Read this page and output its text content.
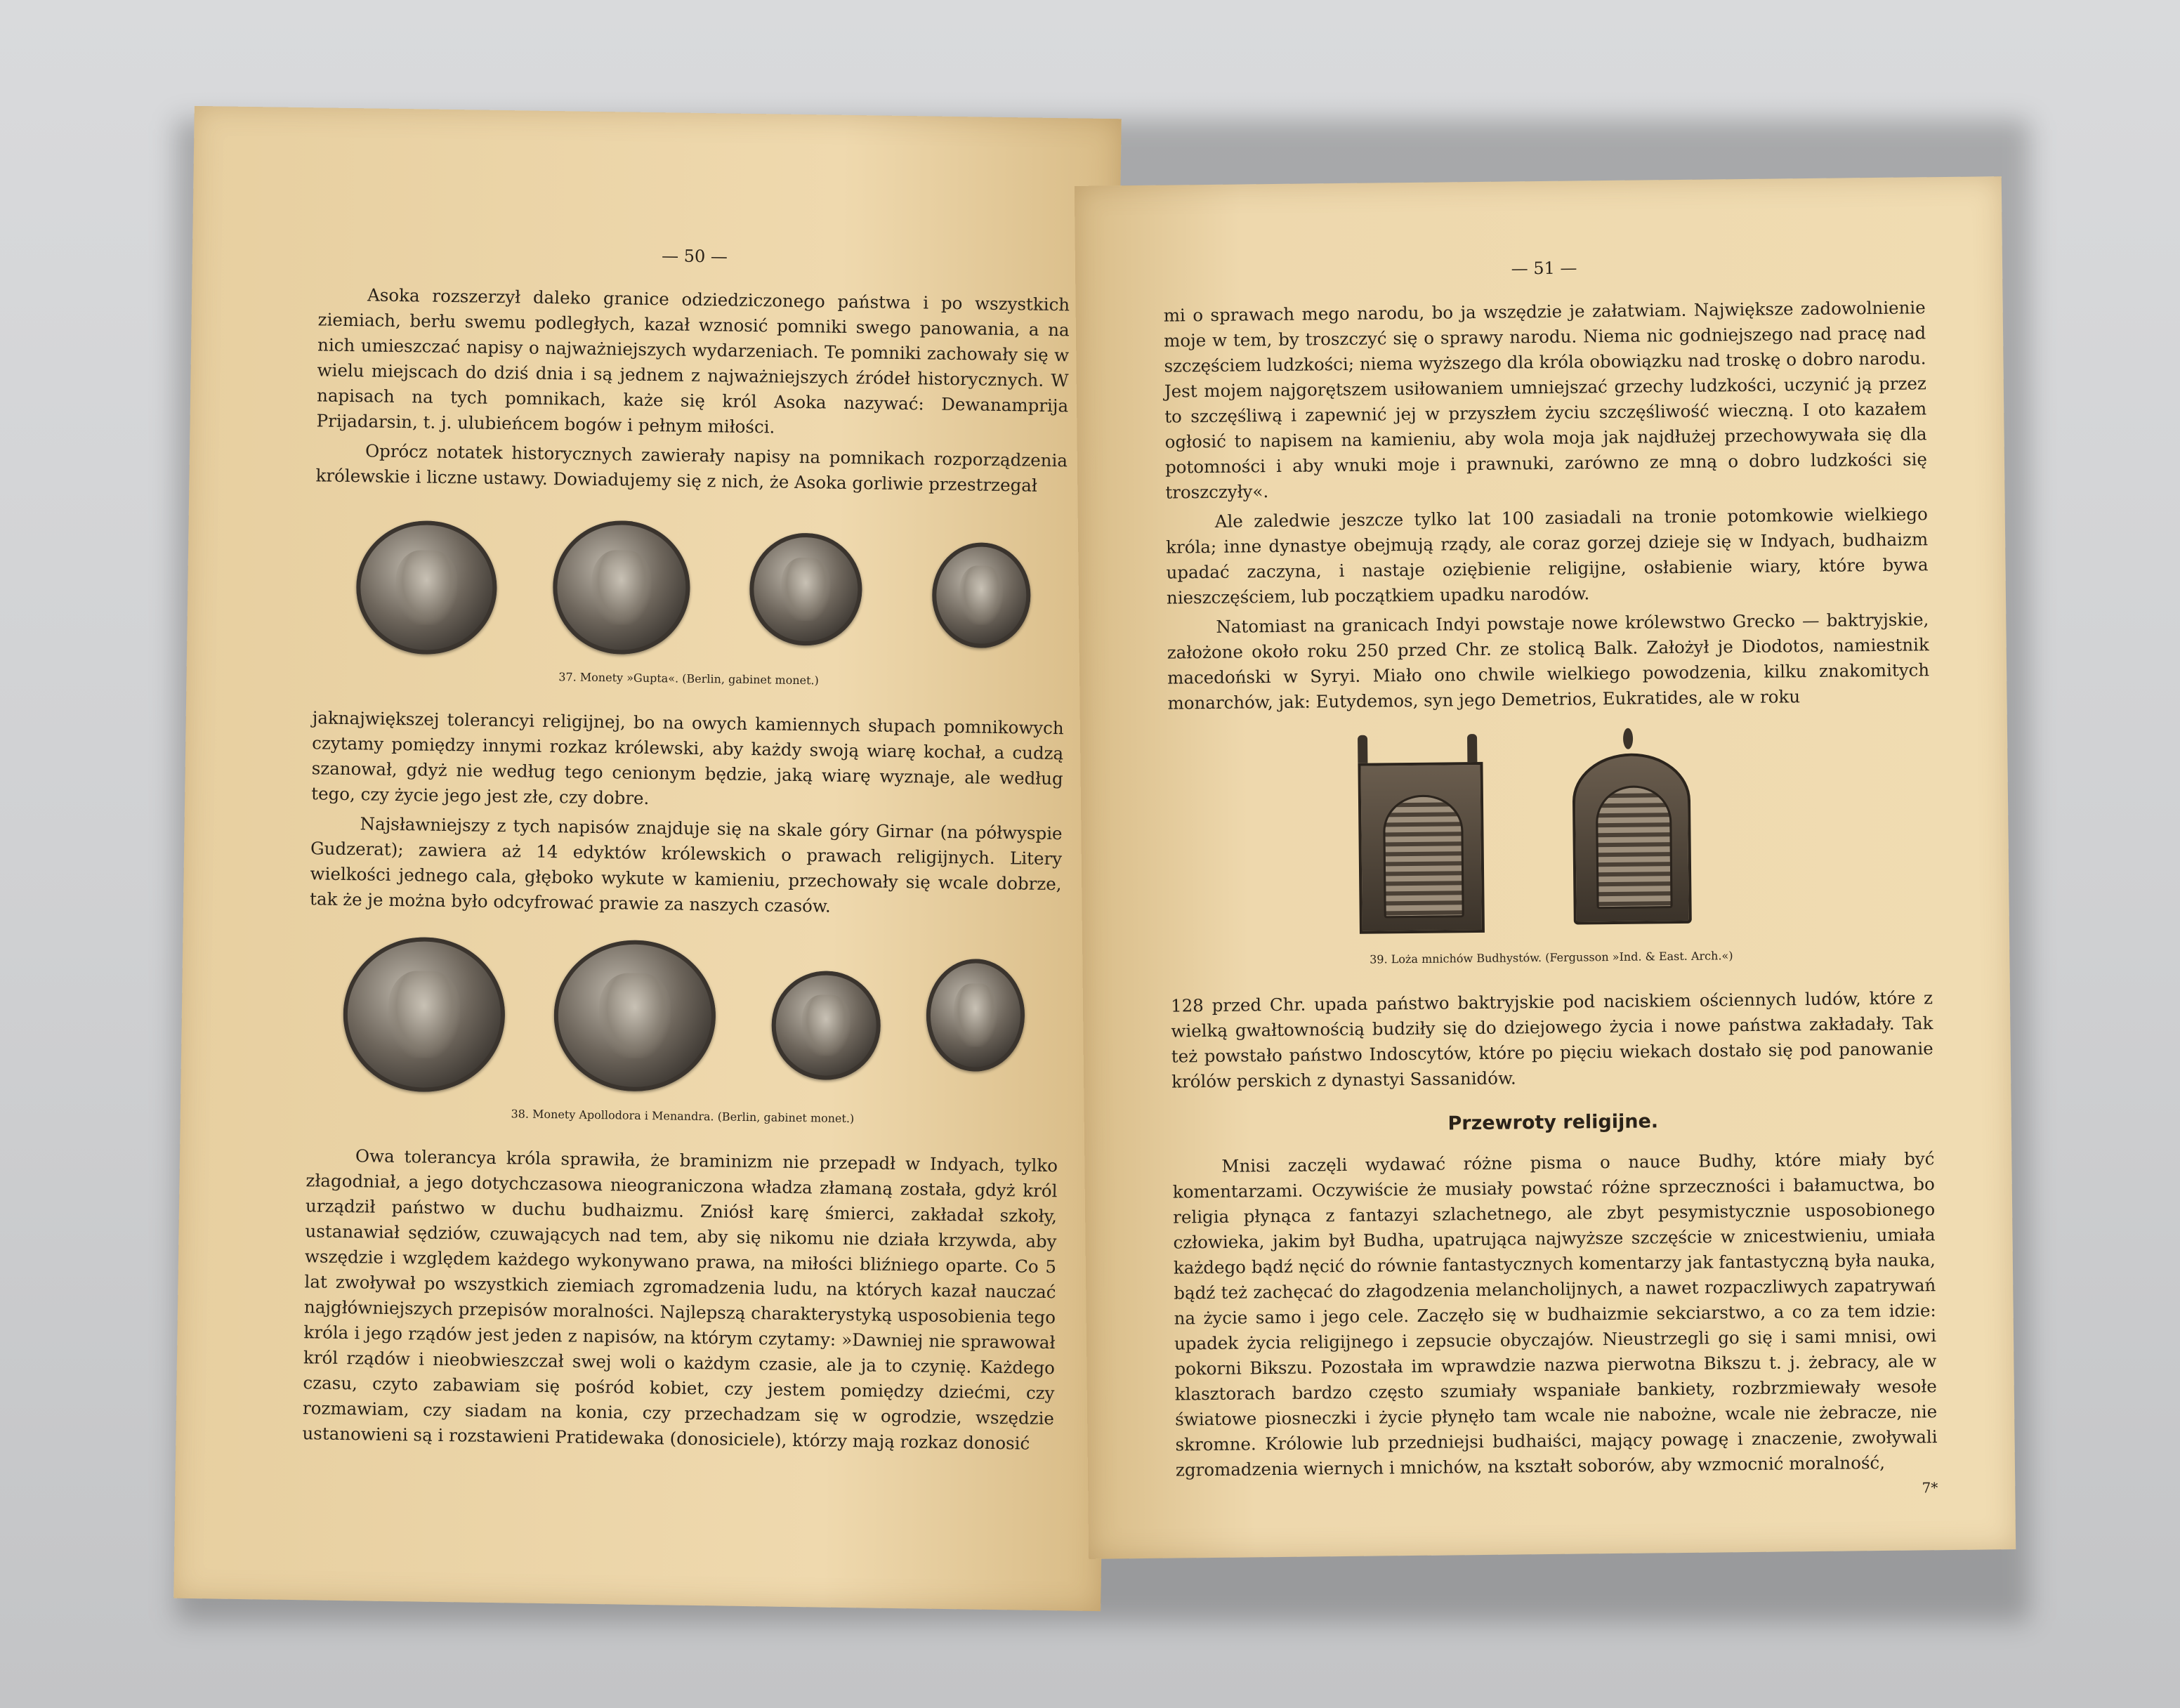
— 50 —

Asoka rozszerzył daleko granice odziedziczonego państwa i po wszystkich ziemiach, berłu swemu podległych, kazał wznosić pomniki swego panowania, a na nich umieszczać napisy o najważniejszych wydarzeniach. Te pomniki zachowały się w wielu miejscach do dziś dnia i są jednem z najważniejszych źródeł historycznych. W napisach na tych pomnikach, każe się król Asoka nazywać: Dewanamprija Prijadarsin, t. j. ulubieńcem bogów i pełnym miłości.

Oprócz notatek historycznych zawierały napisy na pomnikach rozporządzenia królewskie i liczne ustawy. Dowiadujemy się z nich, że Asoka gorliwie przestrzegał

37. Monety »Gupta«. (Berlin, gabinet monet.)

jaknajwiększej tolerancyi religijnej, bo na owych kamiennych słupach pomnikowych czytamy pomiędzy innymi rozkaz królewski, aby każdy swoją wiarę kochał, a cudzą szanował, gdyż nie według tego cenionym będzie, jaką wiarę wyznaje, ale według tego, czy życie jego jest złe, czy dobre.

Najsławniejszy z tych napisów znajduje się na skale góry Girnar (na półwyspie Gudzerat); zawiera aż 14 edyktów królewskich o prawach religijnych. Litery wielkości jednego cala, głęboko wykute w kamieniu, przechowały się wcale dobrze, tak że je można było odcyfrować prawie za naszych czasów.

38. Monety Apollodora i Menandra. (Berlin, gabinet monet.)

Owa tolerancya króla sprawiła, że braminizm nie przepadł w Indyach, tylko złagodniał, a jego dotychczasowa nieograniczona władza złamaną została, gdyż król urządził państwo w duchu budhaizmu. Zniósł karę śmierci, zakładał szkoły, ustanawiał sędziów, czuwających nad tem, aby się nikomu nie działa krzywda, aby wszędzie i względem każdego wykonywano prawa, na miłości bliźniego oparte. Co 5 lat zwoływał po wszystkich ziemiach zgromadzenia ludu, na których kazał nauczać najgłówniejszych przepisów moralności. Najlepszą charakterystyką usposobienia tego króla i jego rządów jest jeden z napisów, na którym czytamy: »Dawniej nie sprawował król rządów i nieobwieszczał swej woli o każdym czasie, ale ja to czynię. Każdego czasu, czyto zabawiam się pośród kobiet, czy jestem pomiędzy dziećmi, czy rozmawiam, czy siadam na konia, czy przechadzam się w ogrodzie, wszędzie ustanowieni są i rozstawieni Pratidewaka (donosiciele), którzy mają rozkaz donosić

— 51 —

mi o sprawach mego narodu, bo ja wszędzie je załatwiam. Największe zadowolnienie moje w tem, by troszczyć się o sprawy narodu. Niema nic godniejszego nad pracę nad szczęściem ludzkości; niema wyższego dla króla obowiązku nad troskę o dobro narodu. Jest mojem najgorętszem usiłowaniem umniejszać grzechy ludzkości, uczynić ją przez to szczęśliwą i zapewnić jej w przyszłem życiu szczęśliwość wieczną. I oto kazałem ogłosić to napisem na kamieniu, aby wola moja jak najdłużej przechowywała się dla potomności i aby wnuki moje i prawnuki, zarówno ze mną o dobro ludzkości się troszczyły«.

Ale zaledwie jeszcze tylko lat 100 zasiadali na tronie potomkowie wielkiego króla; inne dynastye obejmują rządy, ale coraz gorzej dzieje się w Indyach, budhaizm upadać zaczyna, i nastaje oziębienie religijne, osłabienie wiary, które bywa nieszczęściem, lub początkiem upadku narodów.

Natomiast na granicach Indyi powstaje nowe królewstwo Grecko — baktryjskie, założone około roku 250 przed Chr. ze stolicą Balk. Założył je Diodotos, namiestnik macedoński w Syryi. Miało ono chwile wielkiego powodzenia, kilku znakomitych monarchów, jak: Eutydemos, syn jego Demetrios, Eukratides, ale w roku

39. Loża mnichów Budhystów. (Fergusson »Ind. & East. Arch.«)

128 przed Chr. upada państwo baktryjskie pod naciskiem ościennych ludów, które z wielką gwałtownością budziły się do dziejowego życia i nowe państwa zakładały. Tak też powstało państwo Indoscytów, które po pięciu wiekach dostało się pod panowanie królów perskich z dynastyi Sassanidów.

Przewroty religijne.

Mnisi zaczęli wydawać różne pisma o nauce Budhy, które miały być komentarzami. Oczywiście że musiały powstać różne sprzeczności i bałamuctwa, bo religia płynąca z fantazyi szlachetnego, ale zbyt pesymistycznie usposobionego człowieka, jakim był Budha, upatrująca najwyższe szczęście w znicestwieniu, umiała każdego bądź nęcić do równie fantastycznych komentarzy jak fantastyczną była nauka, bądź też zachęcać do złagodzenia melancholijnych, a nawet rozpaczliwych zapatrywań na życie samo i jego cele. Zaczęło się w budhaizmie sekciarstwo, a co za tem idzie: upadek życia religijnego i zepsucie obyczajów. Nieustrzegli go się i sami mnisi, owi pokorni Bikszu. Pozostała im wprawdzie nazwa pierwotna Bikszu t. j. żebracy, ale w klasztorach bardzo często szumiały wspaniałe bankiety, rozbrzmiewały wesołe światowe piosneczki i życie płynęło tam wcale nie nabożne, wcale nie żebracze, nie skromne. Królowie lub przedniejsi budhaiści, mający powagę i znaczenie, zwoływali zgromadzenia wiernych i mnichów, na kształt soborów, aby wzmocnić moralność,

7*
